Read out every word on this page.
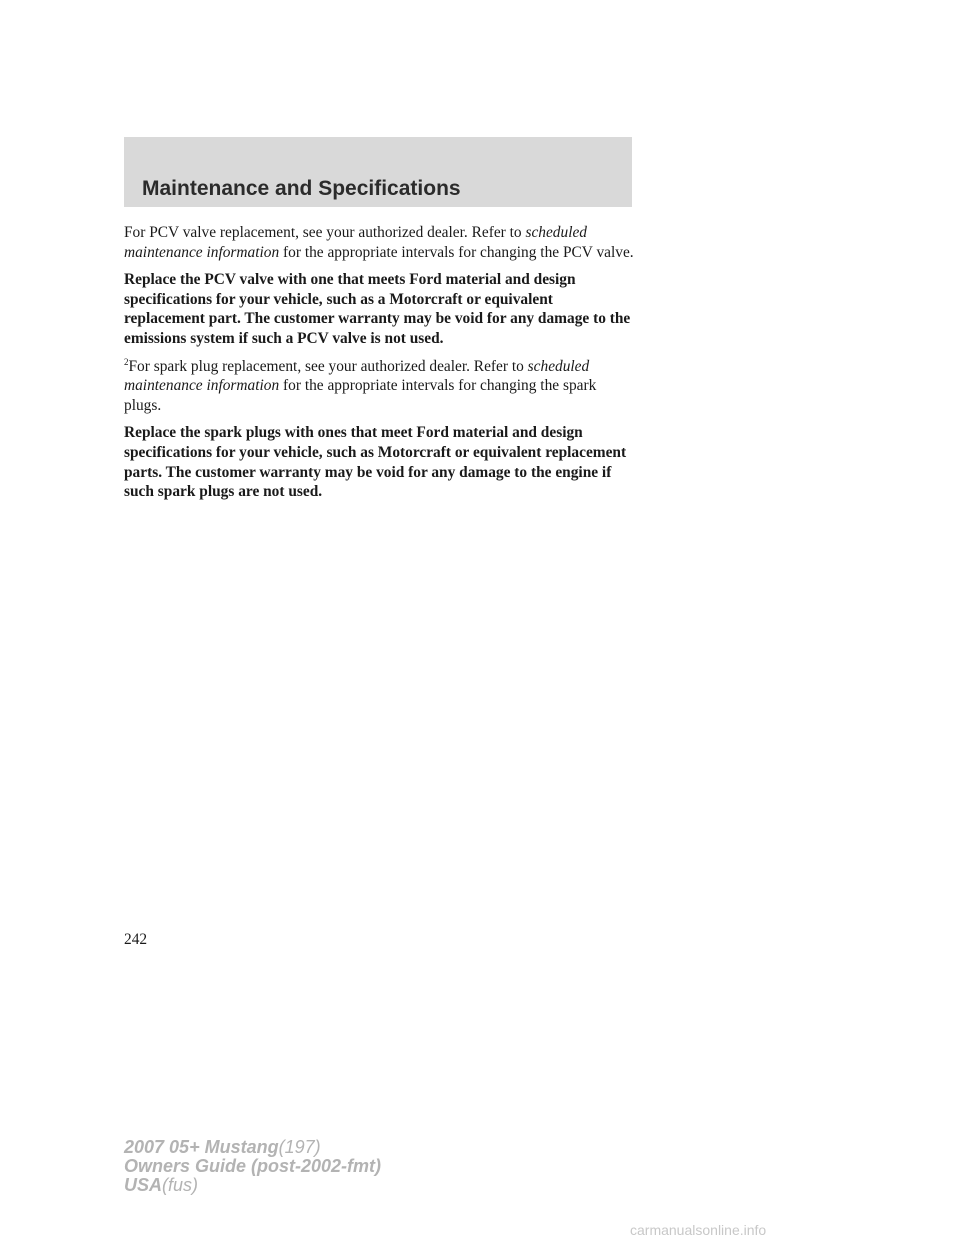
Maintenance and Specifications

For PCV valve replacement, see your authorized dealer. Refer to scheduled maintenance information for the appropriate intervals for changing the PCV valve.

Replace the PCV valve with one that meets Ford material and design specifications for your vehicle, such as a Motorcraft or equivalent replacement part. The customer warranty may be void for any damage to the emissions system if such a PCV valve is not used.

$^2$For spark plug replacement, see your authorized dealer. Refer to scheduled maintenance information for the appropriate intervals for changing the spark plugs.

Replace the spark plugs with ones that meet Ford material and design specifications for your vehicle, such as Motorcraft or equivalent replacement parts. The customer warranty may be void for any damage to the engine if such spark plugs are not used.

242
2007 05+ Mustang(197)
Owners Guide (post-2002-fmt)
USA(fus)
carmanualsonline.info
